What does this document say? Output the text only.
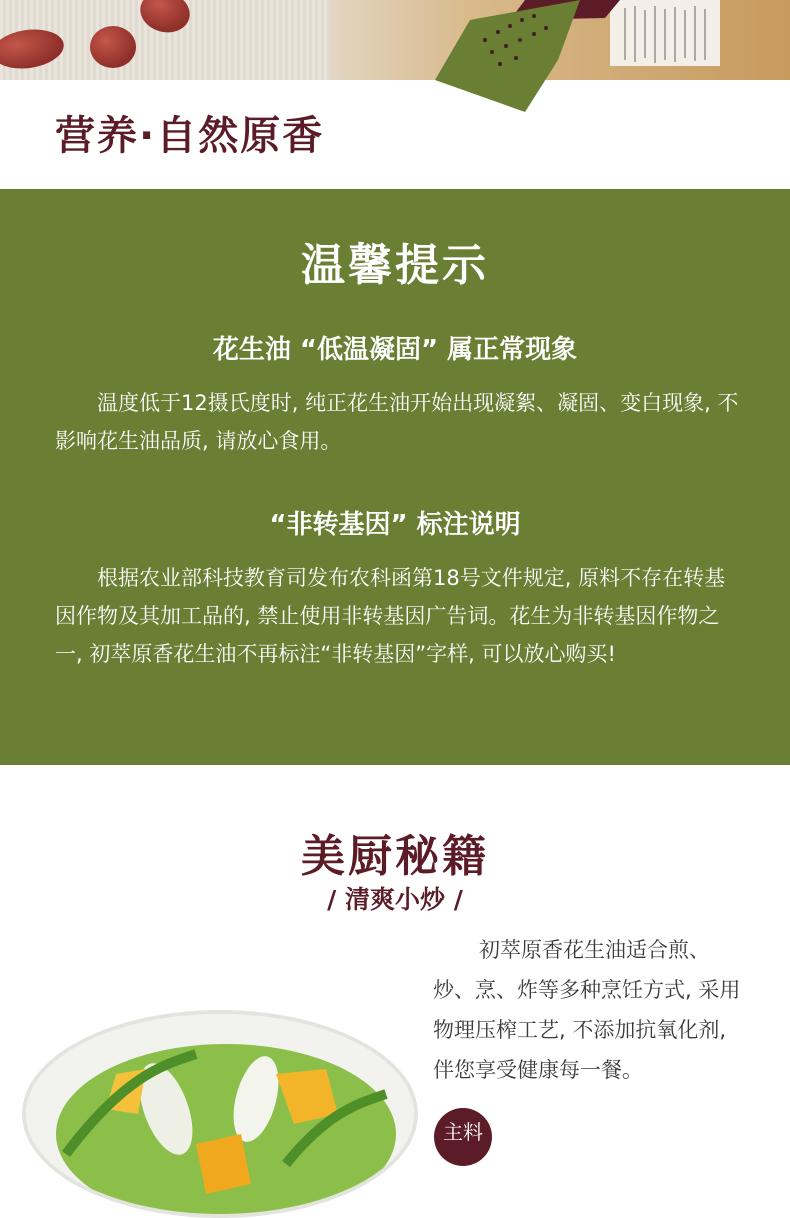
营养·自然原香
温馨提示
花生油 “低温凝固” 属正常现象

温度低于12摄氏度时, 纯正花生油开始出现凝絮、凝固、变白现象, 不影响花生油品质, 请放心食用。

“非转基因” 标注说明

根据农业部科技教育司发布农科函第18号文件规定, 原料不存在转基因作物及其加工品的, 禁止使用非转基因广告词。花生为非转基因作物之一, 初萃原香花生油不再标注“非转基因”字样, 可以放心购买!

美厨秘籍
/ 清爽小炒 /

初萃原香花生油适合煎、炒、烹、炸等多种烹饪方式, 采用物理压榨工艺, 不添加抗氧化剂, 伴您享受健康每一餐。

主料
